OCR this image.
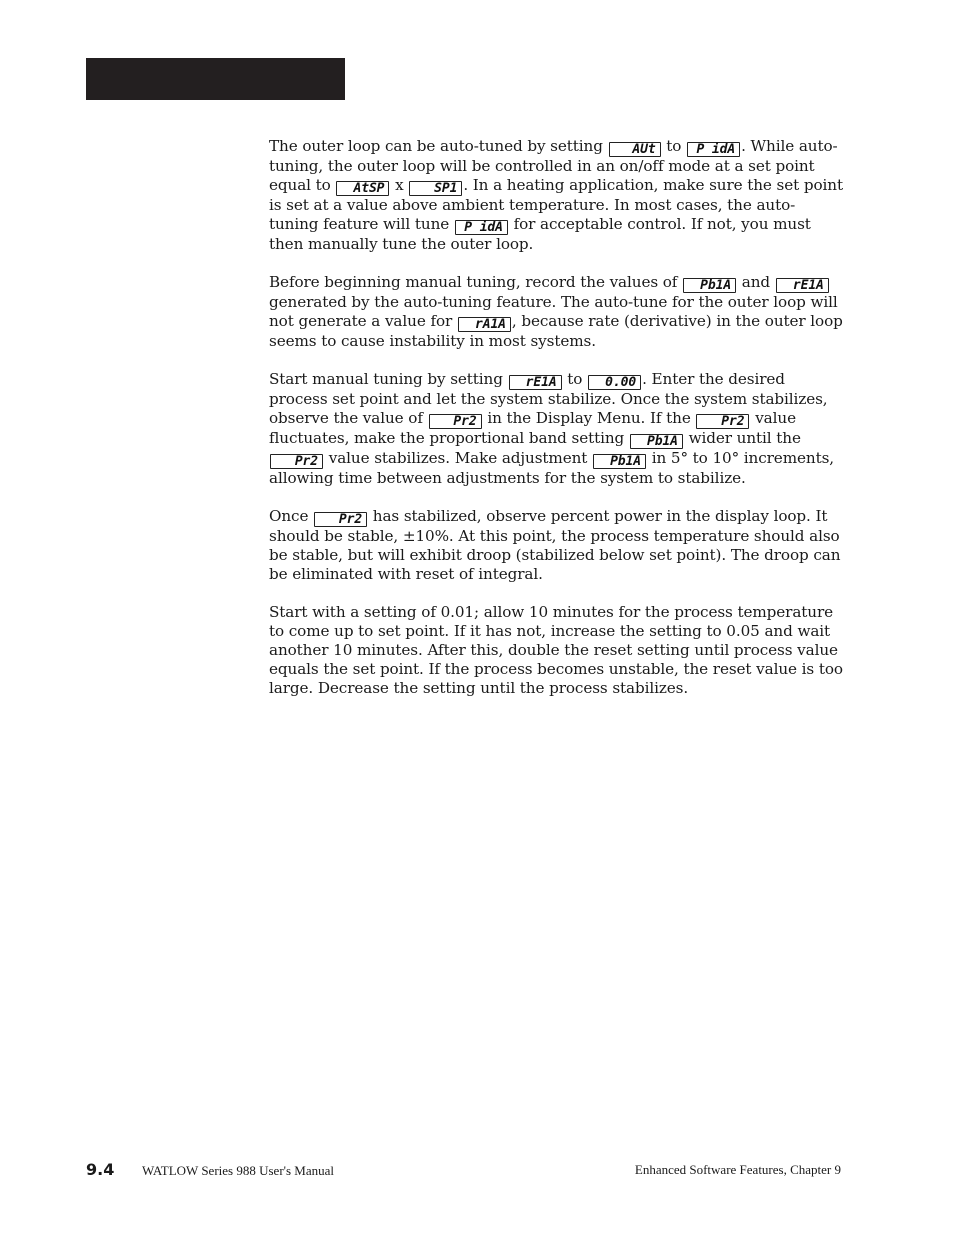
The outer loop can be auto-tuned by setting AUt to P idA . While auto-tuning, the outer loop will be controlled in an on/off mode at a set point equal to AtSP x SP1 . In a heating application, make sure the set point is set at a value above ambient temperature. In most cases, the auto-tuning feature will tune P idA for acceptable control. If not, you must then manually tune the outer loop.

Before beginning manual tuning, record the values of Pb1A and rE1A generated by the auto-tuning feature. The auto-tune for the outer loop will not generate a value for rA1A , because rate (derivative) in the outer loop seems to cause instability in most systems.

Start manual tuning by setting rE1A to 0.00 . Enter the desired process set point and let the system stabilize. Once the system stabilizes, observe the value of Pr2 in the Display Menu. If the Pr2 value fluctuates, make the proportional band setting Pb1A wider until the Pr2 value stabilizes. Make adjustment Pb1A in 5° to 10° increments, allowing time between adjustments for the system to stabilize.

Once Pr2 has stabilized, observe percent power in the display loop. It should be stable, ±10%. At this point, the process temperature should also be stable, but will exhibit droop (stabilized below set point). The droop can be eliminated with reset of integral.

Start with a setting of 0.01; allow 10 minutes for the process temperature to come up to set point. If it has not, increase the setting to 0.05 and wait another 10 minutes. After this, double the reset setting until process value equals the set point. If the process becomes unstable, the reset value is too large. Decrease the setting until the process stabilizes.

9.4 WATLOW Series 988 User's Manual	Enhanced Software Features, Chapter 9
